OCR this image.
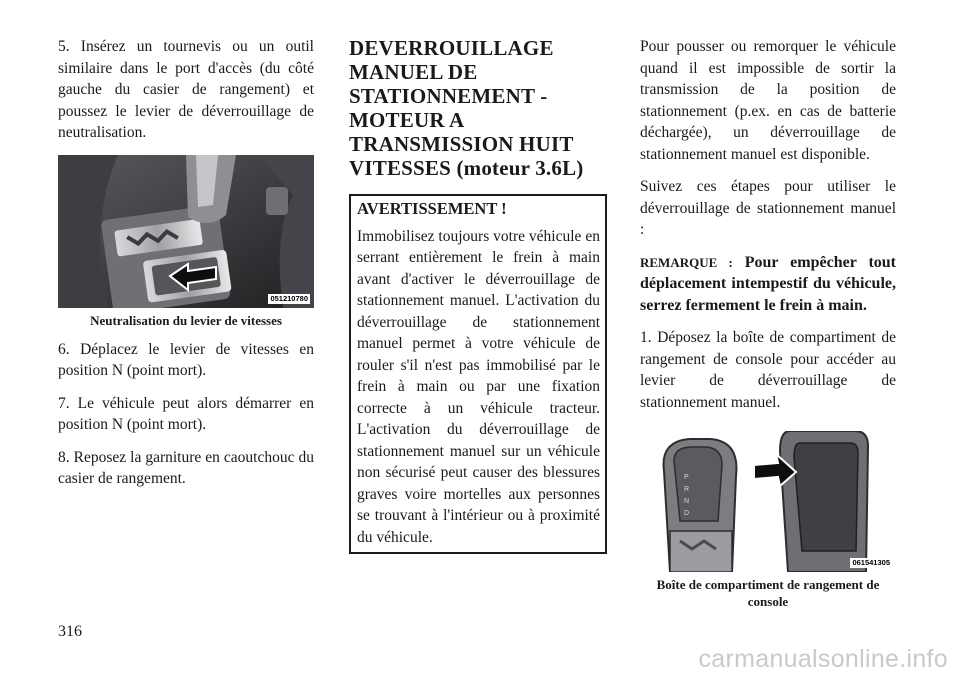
5. Insérez un tournevis ou un outil similaire dans le port d'accès (du côté gauche du casier de rangement) et poussez le levier de déverrouillage de neutralisation.

051210780
Neutralisation du levier de vitesses

6. Déplacez le levier de vitesses en position N (point mort).

7. Le véhicule peut alors démarrer en position N (point mort).

8. Reposez la garniture en caoutchouc du casier de rangement.

DEVERROUILLAGE MANUEL DE STATIONNEMENT - MOTEUR A TRANSMISSION HUIT VITESSES (moteur 3.6L)
AVERTISSEMENT !

Immobilisez toujours votre véhicule en serrant entièrement le frein à main avant d'activer le déverrouillage de stationnement manuel. L'activation du déverrouillage de stationnement manuel permet à votre véhicule de rouler s'il n'est pas immobilisé par le frein à main ou par une fixation correcte à un véhicule tracteur. L'activation du déverrouillage de stationnement manuel sur un véhicule non sécurisé peut causer des blessures graves voire mortelles aux personnes se trouvant à l'intérieur ou à proximité du véhicule.

Pour pousser ou remorquer le véhicule quand il est impossible de sortir la transmission de la position de stationnement (p.ex. en cas de batterie déchargée), un déverrouillage de stationnement manuel est disponible.

Suivez ces étapes pour utiliser le déverrouillage de stationnement manuel :

REMARQUE : Pour empêcher tout déplacement intempestif du véhicule, serrez fermement le frein à main.

1. Déposez la boîte de compartiment de rangement de console pour accéder au levier de déverrouillage de stationnement manuel.

P
R
N
D
061541305
Boîte de compartiment de rangement de console
316
carmanualsonline.info
